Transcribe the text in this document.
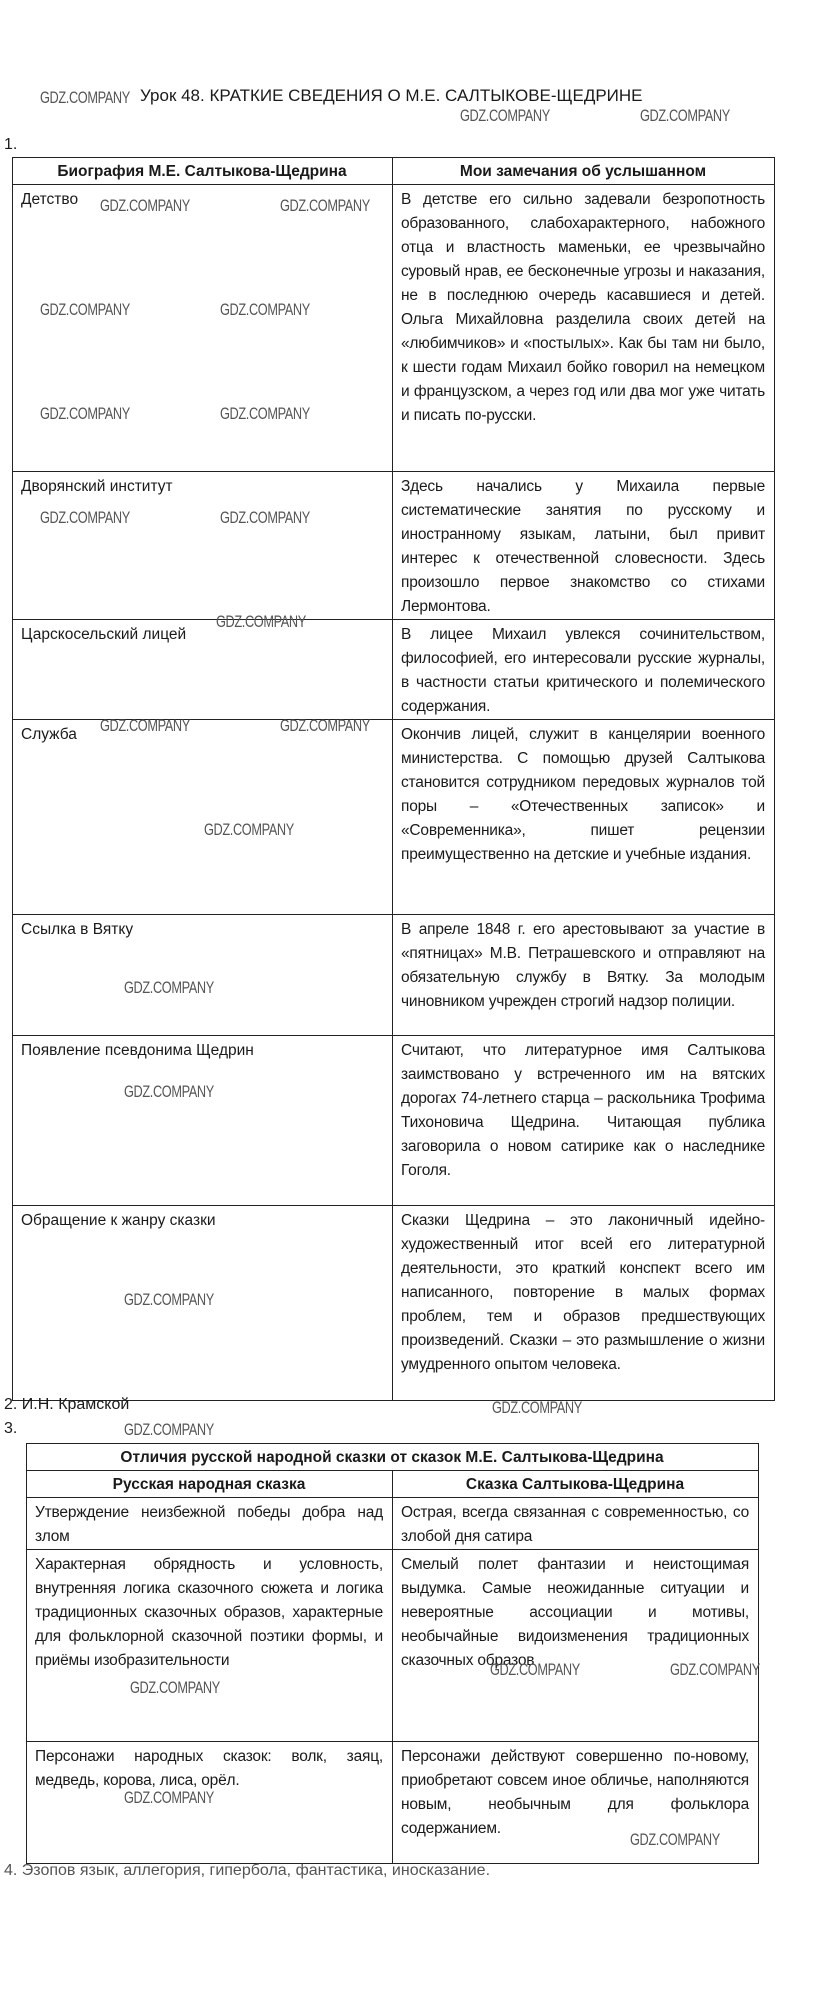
Урок 48. КРАТКИЕ СВЕДЕНИЯ О М.Е. САЛТЫКОВЕ-ЩЕДРИНЕ
1.
Биография М.Е. Салтыкова-Щедрина	Мои замечания об услышанном
Детство	В детстве его сильно задевали безропотность образованного, слабохарактерного, набожного отца и властность маменьки, ее чрезвычайно суровый нрав, ее бесконечные угрозы и наказания, не в последнюю очередь касавшиеся и детей. Ольга Михайловна разделила своих детей на «любимчиков» и «постылых». Как бы там ни было, к шести годам Михаил бойко говорил на немецком и французском, а через год или два мог уже читать и писать по-русски.
Дворянский институт	Здесь начались у Михаила первые систематические занятия по русскому и иностранному языкам, латыни, был привит интерес к отечественной словесности. Здесь произошло первое знакомство со стихами Лермонтова.
Царскосельский лицей	В лицее Михаил увлекся сочинительством, философией, его интересовали русские журналы, в частности статьи критического и полемического содержания.
Служба	Окончив лицей, служит в канцелярии военного министерства. С помощью друзей Салтыкова становится сотрудником передовых журналов той поры – «Отечественных записок» и «Современника», пишет рецензии преимущественно на детские и учебные издания.
Ссылка в Вятку	В апреле 1848 г. его арестовывают за участие в «пятницах» М.В. Петрашевского и отправляют на обязательную службу в Вятку. За молодым чиновником учрежден строгий надзор полиции.
Появление псевдонима Щедрин	Считают, что литературное имя Салтыкова заимствовано у встреченного им на вятских дорогах 74-летнего старца – раскольника Трофима Тихоновича Щедрина. Читающая публика заговорила о новом сатирике как о наследнике Гоголя.
Обращение к жанру сказки	Сказки Щедрина – это лаконичный идейно-художественный итог всей его литературной деятельности, это краткий конспект всего им написанного, повторение в малых формах проблем, тем и образов предшествующих произведений. Сказки – это размышление о жизни умудренного опытом человека.
2. И.Н. Крамской
3.
Отличия русской народной сказки от сказок М.Е. Салтыкова-Щедрина	
Русская народная сказка	Сказка Салтыкова-Щедрина
Утверждение неизбежной победы добра над злом	Острая, всегда связанная с современностью, со злобой дня сатира
Характерная обрядность и условность, внутренняя логика сказочного сюжета и логика традиционных сказочных образов, характерные для фольклорной сказочной поэтики формы, и приёмы изобразительности	Смелый полет фантазии и неистощимая выдумка. Самые неожиданные ситуации и невероятные ассоциации и мотивы, необычайные видоизменения традиционных сказочных образов
Персонажи народных сказок: волк, заяц, медведь, корова, лиса, орёл.	Персонажи действуют совершенно по-новому, приобретают совсем иное обличье, наполняются новым, необычным для фольклора содержанием.
4. Эзопов язык, аллегория, гипербола, фантастика, иносказание.
GDZ.COMPANY
GDZ.COMPANY	GDZ.COMPANY
GDZ.COMPANY	GDZ.COMPANY
GDZ.COMPANY	GDZ.COMPANY
GDZ.COMPANY	GDZ.COMPANY
GDZ.COMPANY	GDZ.COMPANY
GDZ.COMPANY
GDZ.COMPANY	GDZ.COMPANY
GDZ.COMPANY
GDZ.COMPANY
GDZ.COMPANY
GDZ.COMPANY
GDZ.COMPANY
GDZ.COMPANY
GDZ.COMPANY	GDZ.COMPANY
GDZ.COMPANY
GDZ.COMPANY
GDZ.COMPANY
